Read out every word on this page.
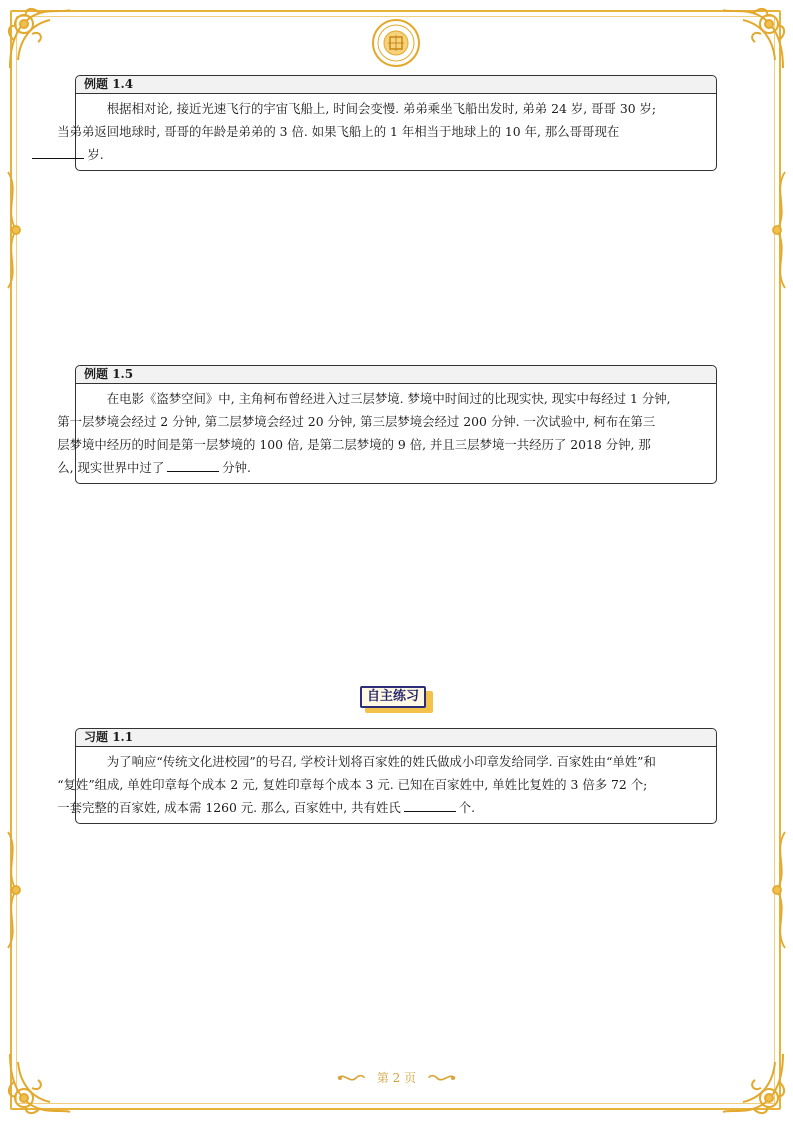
例题 1.4
根据相对论, 接近光速飞行的宇宙飞船上, 时间会变慢. 弟弟乘坐飞船出发时, 弟弟 24 岁, 哥哥 30 岁;
当弟弟返回地球时, 哥哥的年龄是弟弟的 3 倍. 如果飞船上的 1 年相当于地球上的 10 年, 那么哥哥现在
岁.
例题 1.5
在电影《盗梦空间》中, 主角柯布曾经进入过三层梦境. 梦境中时间过的比现实快, 现实中每经过 1 分钟,
第一层梦境会经过 2 分钟, 第二层梦境会经过 20 分钟, 第三层梦境会经过 200 分钟. 一次试验中, 柯布在第三
层梦境中经历的时间是第一层梦境的 100 倍, 是第二层梦境的 9 倍, 并且三层梦境一共经历了 2018 分钟, 那
么, 现实世界中过了	分钟.
自主练习
习题 1.1
为了响应“传统文化进校园”的号召, 学校计划将百家姓的姓氏做成小印章发给同学. 百家姓由“单姓”和
“复姓”组成, 单姓印章每个成本 2 元, 复姓印章每个成本 3 元. 已知在百家姓中, 单姓比复姓的 3 倍多 72 个;
一套完整的百家姓, 成本需 1260 元. 那么, 百家姓中, 共有姓氏	个.
第 2 页
